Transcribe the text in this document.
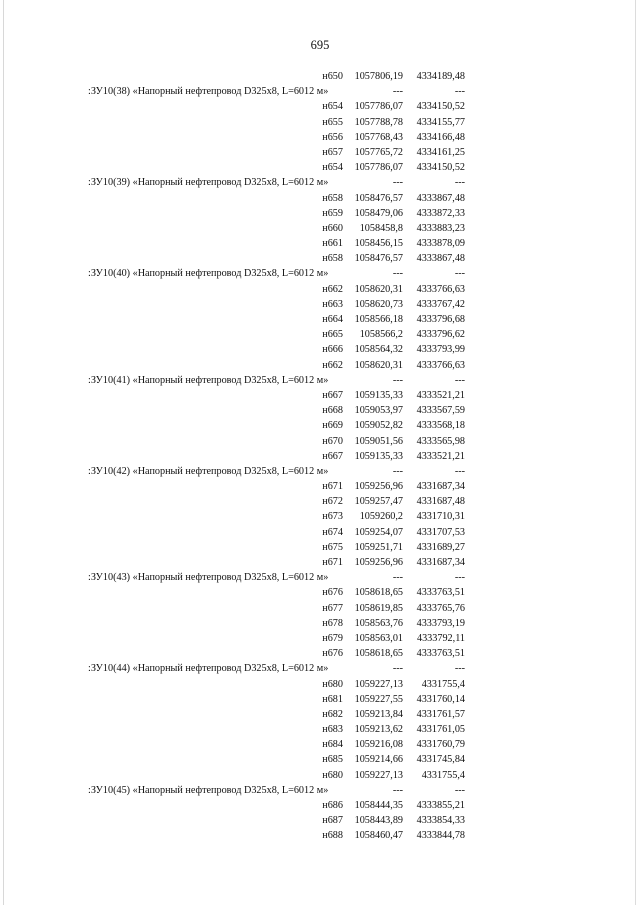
695
н650	1057806,19	4334189,48
:ЗУ10(38) «Напорный нефтепровод D325х8, L=6012 м»	---	---
н654	1057786,07	4334150,52
н655	1057788,78	4334155,77
н656	1057768,43	4334166,48
н657	1057765,72	4334161,25
н654	1057786,07	4334150,52
:ЗУ10(39) «Напорный нефтепровод D325х8, L=6012 м»	---	---
н658	1058476,57	4333867,48
н659	1058479,06	4333872,33
н660	1058458,8	4333883,23
н661	1058456,15	4333878,09
н658	1058476,57	4333867,48
:ЗУ10(40) «Напорный нефтепровод D325х8, L=6012 м»	---	---
н662	1058620,31	4333766,63
н663	1058620,73	4333767,42
н664	1058566,18	4333796,68
н665	1058566,2	4333796,62
н666	1058564,32	4333793,99
н662	1058620,31	4333766,63
:ЗУ10(41) «Напорный нефтепровод D325х8, L=6012 м»	---	---
н667	1059135,33	4333521,21
н668	1059053,97	4333567,59
н669	1059052,82	4333568,18
н670	1059051,56	4333565,98
н667	1059135,33	4333521,21
:ЗУ10(42) «Напорный нефтепровод D325х8, L=6012 м»	---	---
н671	1059256,96	4331687,34
н672	1059257,47	4331687,48
н673	1059260,2	4331710,31
н674	1059254,07	4331707,53
н675	1059251,71	4331689,27
н671	1059256,96	4331687,34
:ЗУ10(43) «Напорный нефтепровод D325х8, L=6012 м»	---	---
н676	1058618,65	4333763,51
н677	1058619,85	4333765,76
н678	1058563,76	4333793,19
н679	1058563,01	4333792,11
н676	1058618,65	4333763,51
:ЗУ10(44) «Напорный нефтепровод D325х8, L=6012 м»	---	---
н680	1059227,13	4331755,4
н681	1059227,55	4331760,14
н682	1059213,84	4331761,57
н683	1059213,62	4331761,05
н684	1059216,08	4331760,79
н685	1059214,66	4331745,84
н680	1059227,13	4331755,4
:ЗУ10(45) «Напорный нефтепровод D325х8, L=6012 м»	---	---
н686	1058444,35	4333855,21
н687	1058443,89	4333854,33
н688	1058460,47	4333844,78
